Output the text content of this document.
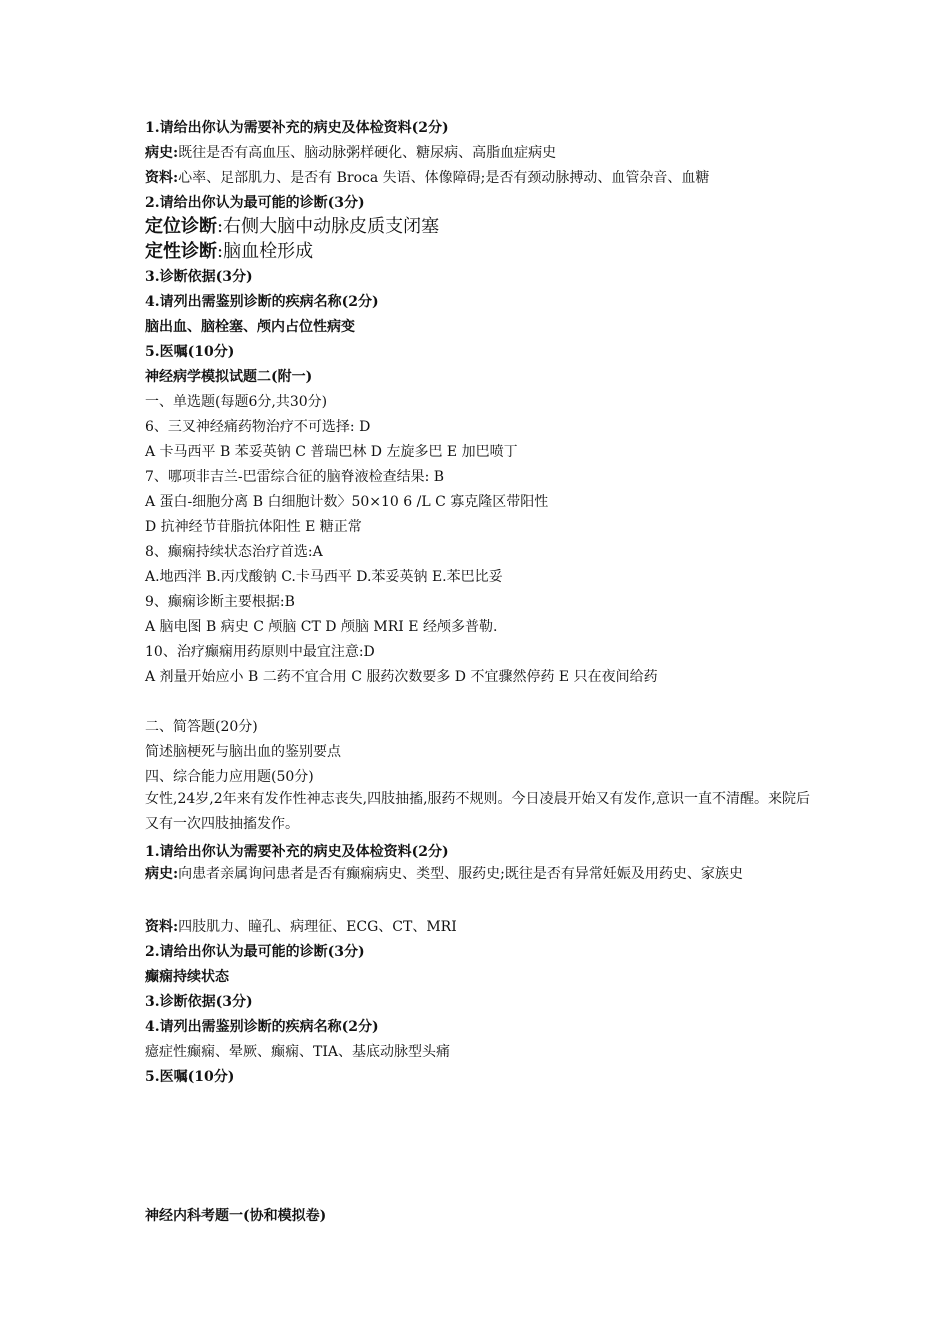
1.请给出你认为需要补充的病史及体检资料(2分)
病史:既往是否有高血压、脑动脉粥样硬化、糖尿病、高脂血症病史
资料:心率、足部肌力、是否有 Broca 失语、体像障碍;是否有颈动脉搏动、血管杂音、血糖
2.请给出你认为最可能的诊断(3分)
定位诊断:右侧大脑中动脉皮质支闭塞
定性诊断:脑血栓形成
3.诊断依据(3分)
4.请列出需鉴别诊断的疾病名称(2分)
脑出血、脑栓塞、颅内占位性病变
5.医嘱(10分)
神经病学模拟试题二(附一)
一、单选题(每题6分,共30分)
6、三叉神经痛药物治疗不可选择: D
A 卡马西平 B 苯妥英钠 C 普瑞巴林 D 左旋多巴 E 加巴喷丁
7、哪项非吉兰-巴雷综合征的脑脊液检查结果: B
A 蛋白-细胞分离 B 白细胞计数〉50×10 6 /L C 寡克隆区带阳性
D 抗神经节苷脂抗体阳性 E 糖正常
8、癫痫持续状态治疗首选:A
A.地西泮 B.丙戊酸钠 C.卡马西平 D.苯妥英钠 E.苯巴比妥
9、癫痫诊断主要根据:B
A 脑电图 B 病史 C 颅脑 CT D 颅脑 MRI E 经颅多普勒.
10、治疗癫痫用药原则中最宜注意:D
A 剂量开始应小 B 二药不宜合用 C 服药次数要多 D 不宜骤然停药 E 只在夜间给药
二、简答题(20分)
简述脑梗死与脑出血的鉴别要点
四、综合能力应用题(50分)
女性,24岁,2年来有发作性神志丧失,四肢抽搐,服药不规则。今日凌晨开始又有发作,意识一直不清醒。来院后又有一次四肢抽搐发作。
1.请给出你认为需要补充的病史及体检资料(2分)
病史:向患者亲属询问患者是否有癫痫病史、类型、服药史;既往是否有异常妊娠及用药史、家族史
资料:四肢肌力、瞳孔、病理征、ECG、CT、MRI
2.请给出你认为最可能的诊断(3分)
癫痫持续状态
3.诊断依据(3分)
4.请列出需鉴别诊断的疾病名称(2分)
癔症性癫痫、晕厥、癫痫、TIA、基底动脉型头痛
5.医嘱(10分)
神经内科考题一(协和模拟卷)
